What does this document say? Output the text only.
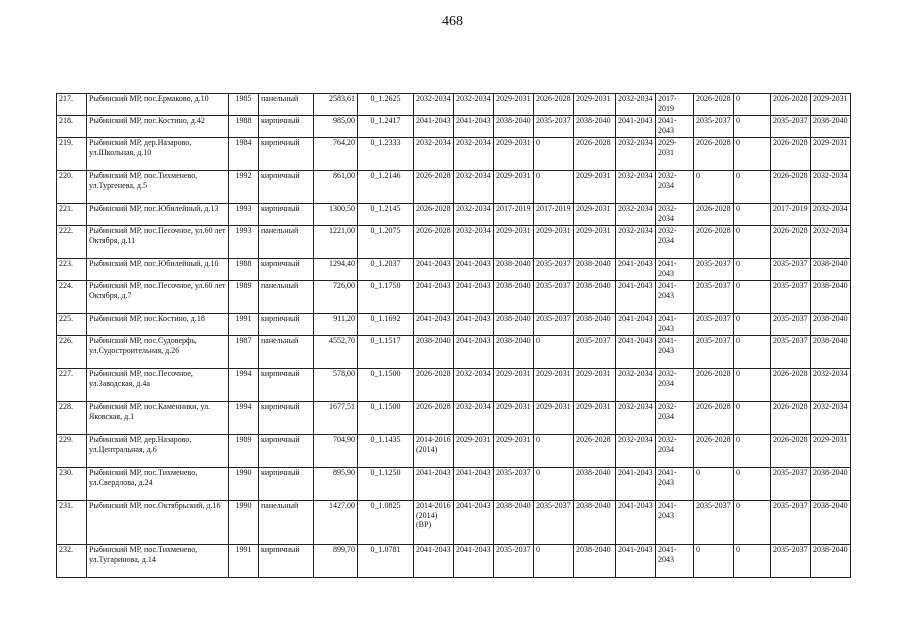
468
217.	Рыбинский МР, пос.Ермаково, д.10	1985	панельный	2583,61	0_1.2625	2032-2034	2032-2034	2029-2031	2026-2028	2029-2031	2032-2034	2017-2019	2026-2028	0	2026-2028	2029-2031
218.	Рыбинский МР, пос.Костино, д.42	1988	кирпичный	985,00	0_1.2417	2041-2043	2041-2043	2038-2040	2035-2037	2038-2040	2041-2043	2041-2043	2035-2037	0	2035-2037	2038-2040
219.	Рыбинский МР, дер.Назарово, ул.Школьная, д.10	1984	кирпичный	764,20	0_1.2333	2032-2034	2032-2034	2029-2031	0	2026-2028	2032-2034	2029-2031	2026-2028	0	2026-2028	2029-2031
220.	Рыбинский МР, пос.Тихменево, ул.Тургенева, д.5	1992	кирпичный	861,00	0_1.2146	2026-2028	2032-2034	2029-2031	0	2029-2031	2032-2034	2032-2034	0	0	2026-2028	2032-2034
221.	Рыбинский МР, пос.Юбилейный, д.13	1993	кирпичный	1300,50	0_1.2145	2026-2028	2032-2034	2017-2019	2017-2019	2029-2031	2032-2034	2032-2034	2026-2028	0	2017-2019	2032-2034
222.	Рыбинский МР, пос.Песочное, ул.60 лет Октября, д.11	1993	панельный	1221,00	0_1.2075	2026-2028	2032-2034	2029-2031	2029-2031	2029-2031	2032-2034	2032-2034	2026-2028	0	2026-2028	2032-2034
223.	Рыбинский МР, пос.Юбилейный, д.10	1988	кирпичный	1294,40	0_1.2037	2041-2043	2041-2043	2038-2040	2035-2037	2038-2040	2041-2043	2041-2043	2035-2037	0	2035-2037	2038-2040
224.	Рыбинский МР, пос.Песочное, ул.60 лет Октября, д.7	1989	панельный	726,00	0_1.1750	2041-2043	2041-2043	2038-2040	2035-2037	2038-2040	2041-2043	2041-2043	2035-2037	0	2035-2037	2038-2040
225.	Рыбинский МР, пос.Костино, д.18	1991	кирпичный	911,20	0_1.1692	2041-2043	2041-2043	2038-2040	2035-2037	2038-2040	2041-2043	2041-2043	2035-2037	0	2035-2037	2038-2040
226.	Рыбинский МР, пос.Судоверфь, ул.Судостроительная, д.26	1987	панельный	4552,70	0_1.1517	2038-2040	2041-2043	2038-2040	0	2035-2037	2041-2043	2041-2043	2035-2037	0	2035-2037	2038-2040
227.	Рыбинский МР, пос.Песочное, ул.Заводская, д.4а	1994	кирпичный	578,00	0_1.1500	2026-2028	2032-2034	2029-2031	2029-2031	2029-2031	2032-2034	2032-2034	2026-2028	0	2026-2028	2032-2034
228.	Рыбинский МР, пос.Каменники, ул. Яковская, д.1	1994	кирпичный	1677,51	0_1.1500	2026-2028	2032-2034	2029-2031	2029-2031	2029-2031	2032-2034	2032-2034	2026-2028	0	2026-2028	2032-2034
229.	Рыбинский МР, дер.Назарово, ул.Центральная, д.6	1989	кирпичный	704,90	0_1.1435	2014-2016 (2014)	2029-2031	2029-2031	0	2026-2028	2032-2034	2032-2034	2026-2028	0	2026-2028	2029-2031
230.	Рыбинский МР, пос.Тихменево, ул.Свердлова, д.24	1990	кирпичный	895,90	0_1.1250	2041-2043	2041-2043	2035-2037	0	2038-2040	2041-2043	2041-2043	0	0	2035-2037	2038-2040
231.	Рыбинский МР, пос.Октябрьский, д.16	1990	панельный	1427,00	0_1.0825	2014-2016 (2014) (ВР)	2041-2043	2038-2040	2035-2037	2038-2040	2041-2043	2041-2043	2035-2037	0	2035-2037	2038-2040
232.	Рыбинский МР, пос.Тихменево, ул.Тугаринова, д.14	1991	кирпичный	899,70	0_1.0781	2041-2043	2041-2043	2035-2037	0	2038-2040	2041-2043	2041-2043	0	0	2035-2037	2038-2040
